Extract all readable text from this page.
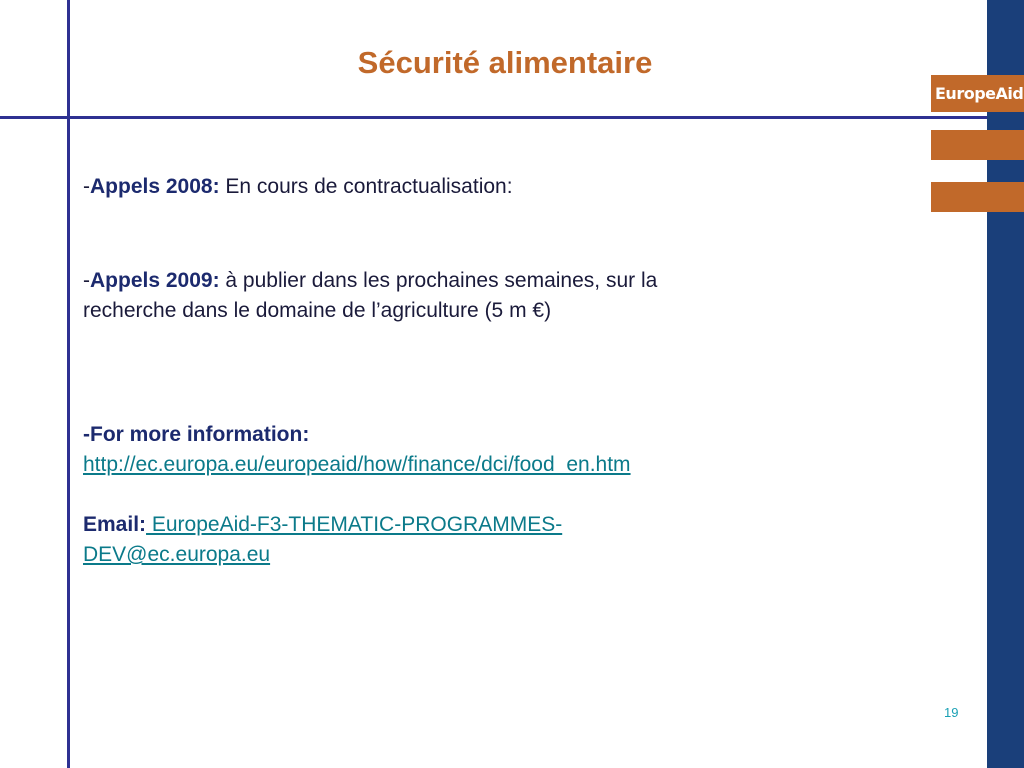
EuropeAid
Sécurité alimentaire

-Appels 2008: En cours de contractualisation:

-Appels 2009: à publier dans les prochaines semaines, sur la
recherche dans le domaine de l’agriculture (5 m €)

-For more information:
http://ec.europa.eu/europeaid/how/finance/dci/food_en.htm

Email: EuropeAid-F3-THEMATIC-PROGRAMMES-
DEV@ec.europa.eu

19
